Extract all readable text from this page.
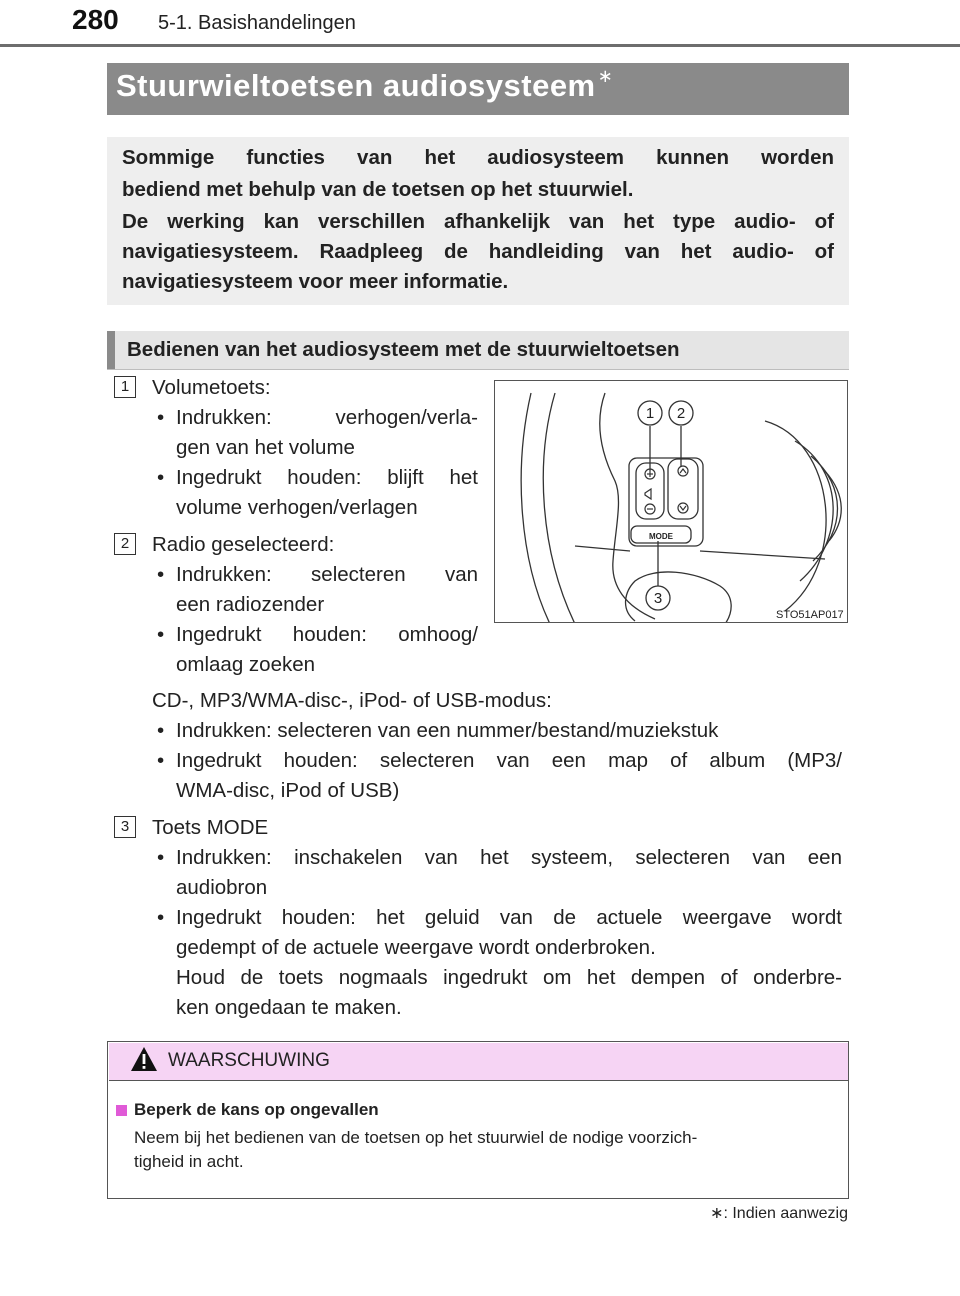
280 5-1. Basishandelingen
Stuurwieltoetsen audiosysteem ∗
Sommige functies van het audiosysteem kunnen worden
bediend met behulp van de toetsen op het stuurwiel.
De werking kan verschillen afhankelijk van het type audio- of
navigatiesysteem. Raadpleeg de handleiding van het audio- of
navigatiesysteem voor meer informatie.
Bedienen van het audiosysteem met de stuurwieltoetsen
1	Volumetoets:
• Indrukken: verhogen/verla-
gen van het volume
• Ingedrukt houden: blijft het
volume verhogen/verlagen
2	Radio geselecteerd:
• Indrukken: selecteren van
een radiozender
• Ingedrukt houden: omhoog/
omlaag zoeken
CD-, MP3/WMA-disc-, iPod- of USB-modus:
• Indrukken: selecteren van een nummer/bestand/muziekstuk
• Ingedrukt houden: selecteren van een map of album (MP3/
WMA-disc, iPod of USB)
3	Toets MODE
• Indrukken: inschakelen van het systeem, selecteren van een
audiobron
• Ingedrukt houden: het geluid van de actuele weergave wordt
gedempt of de actuele weergave wordt onderbroken.
Houd de toets nogmaals ingedrukt om het dempen of onderbre-
ken ongedaan te maken.
1 2
3
MODE
STO51AP017
WAARSCHUWING
Beperk de kans op ongevallen
Neem bij het bedienen van de toetsen op het stuurwiel de nodige voorzich-
tigheid in acht.
∗: Indien aanwezig
